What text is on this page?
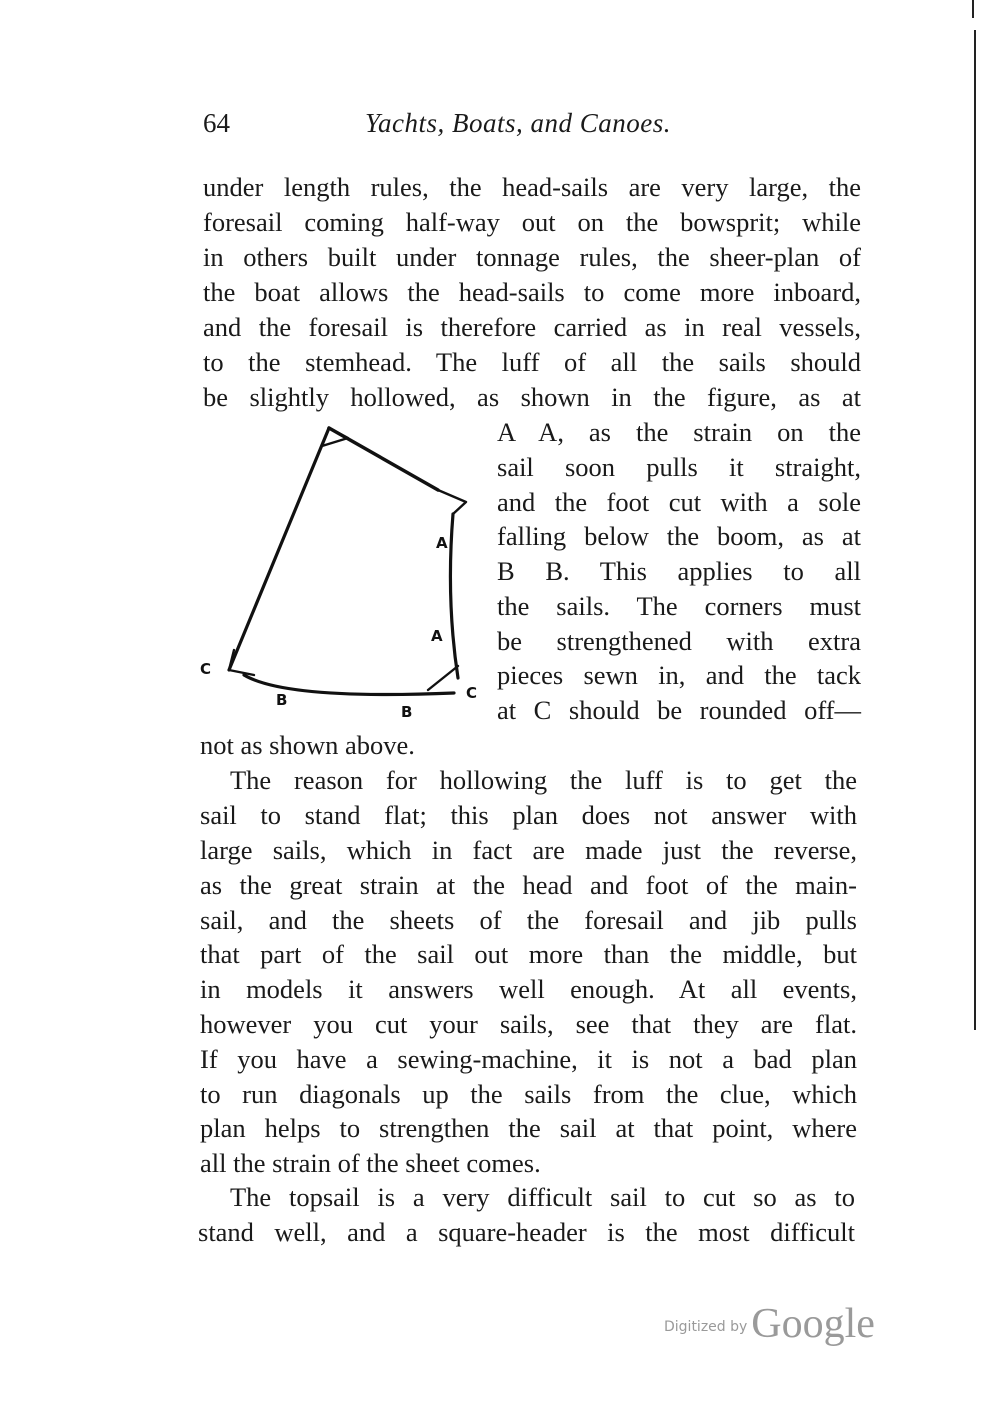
64	Yachts, Boats, and Canoes.
under length rules, the head-sails are very large, the
foresail coming half-way out on the bowsprit; while
in others built under tonnage rules, the sheer-plan of
the boat allows the head-sails to come more inboard,
and the foresail is therefore carried as in real vessels,
to the stemhead. The luff of all the sails should
be slightly hollowed, as shown in the figure, as at
A
A
C
C
B
B
A A, as the strain on the
sail soon pulls it straight,
and the foot cut with a sole
falling below the boom, as at
B B. This applies to all
the sails. The corners must
be strengthened with extra
pieces sewn in, and the tack
at C should be rounded off—
not as shown above.
The reason for hollowing the luff is to get the
sail to stand flat; this plan does not answer with
large sails, which in fact are made just the reverse,
as the great strain at the head and foot of the main-
sail, and the sheets of the foresail and jib pulls
that part of the sail out more than the middle, but
in models it answers well enough. At all events,
however you cut your sails, see that they are flat.
If you have a sewing-machine, it is not a bad plan
to run diagonals up the sails from the clue, which
plan helps to strengthen the sail at that point, where
all the strain of the sheet comes.
The topsail is a very difficult sail to cut so as to
stand well, and a square-header is the most difficult
Digitized by Google
